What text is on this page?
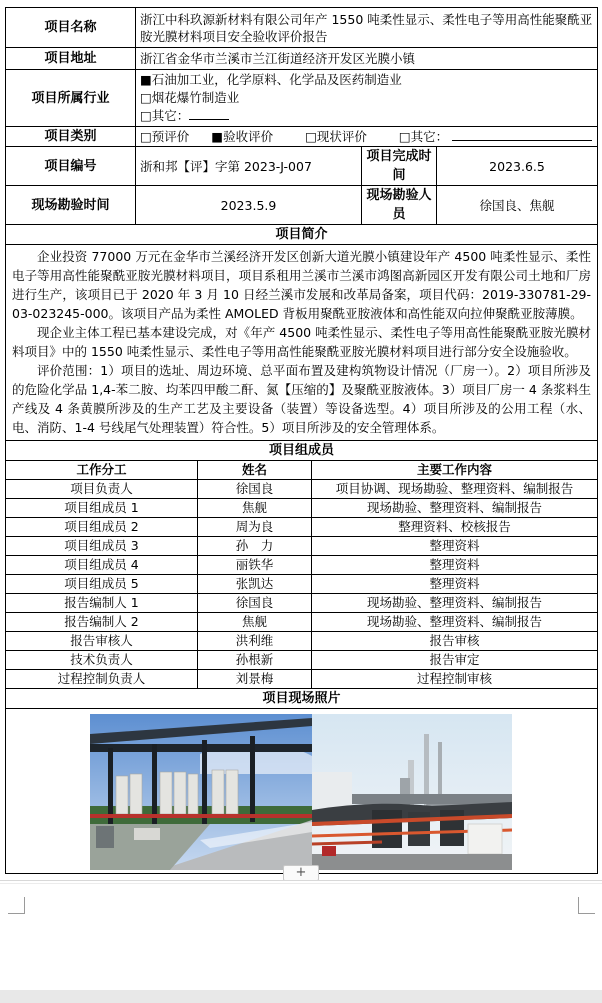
项目名称	浙江中科玖源新材料有限公司年产 1550 吨柔性显示、柔性电子等用高性能聚酰亚胺光膜材料项目安全验收评价报告				
项目地址	浙江省金华市兰溪市兰江街道经济开发区光膜小镇				
项目所属行业	■石油加工业，化学原料、化学品及医药制造业
□烟花爆竹制造业
□其它：				

项目类别	□预评价 ■验收评价 □现状评价 □其它：				
项目编号	浙和邦【评】字第 2023-J-007			项目完成时间	2023.6.5
现场勘验时间	2023.5.9			现场勘验人员	徐国良、焦舰
项目简介					

企业投资 77000 万元在金华市兰溪经济开发区创新大道光膜小镇建设年产 4500 吨柔性显示、柔性电子等用高性能聚酰亚胺光膜材料项目，项目系租用兰溪市兰溪市鸿图高新园区开发有限公司土地和厂房进行生产，该项目已于 2020 年 3 月 10 日经兰溪市发展和改革局备案，项目代码：2019-330781-29-03-023245-000。该项目产品为柔性 AMOLED 背板用聚酰亚胺液体和高性能双向拉伸聚酰亚胺薄膜。

现企业主体工程已基本建设完成，对《年产 4500 吨柔性显示、柔性电子等用高性能聚酰亚胺光膜材料项目》中的 1550 吨柔性显示、柔性电子等用高性能聚酰亚胺光膜材料项目进行部分安全设施验收。

评价范围：1）项目的选址、周边环境、总平面布置及建构筑物设计情况（厂房一）。2）项目所涉及的危险化学品 1,4-苯二胺、均苯四甲酸二酐、氮【压缩的】及聚酰亚胺液体。3）项目厂房一 4 条浆料生产线及 4 条黄膜所涉及的生产工艺及主要设备（装置）等设备选型。4）项目所涉及的公用工程（水、电、消防、1-4 号线尾气处理装置）符合性。5）项目所涉及的安全管理体系。					

项目组成员					
工作分工		姓名	主要工作内容		
项目负责人		徐国良	项目协调、现场勘验、整理资料、编制报告		
项目组成员 1		焦舰	现场勘验、整理资料、编制报告		
项目组成员 2		周为良	整理资料、校核报告		
项目组成员 3		孙　力	整理资料		
项目组成员 4		丽铁华	整理资料		
项目组成员 5		张凯达	整理资料		
报告编制人 1		徐国良	现场勘验、整理资料、编制报告		
报告编制人 2		焦舰	现场勘验、整理资料、编制报告		
报告审核人		洪利维	报告审核		
技术负责人		孙根新	报告审定		
过程控制负责人		刘景梅	过程控制审核		
项目现场照片					

+
